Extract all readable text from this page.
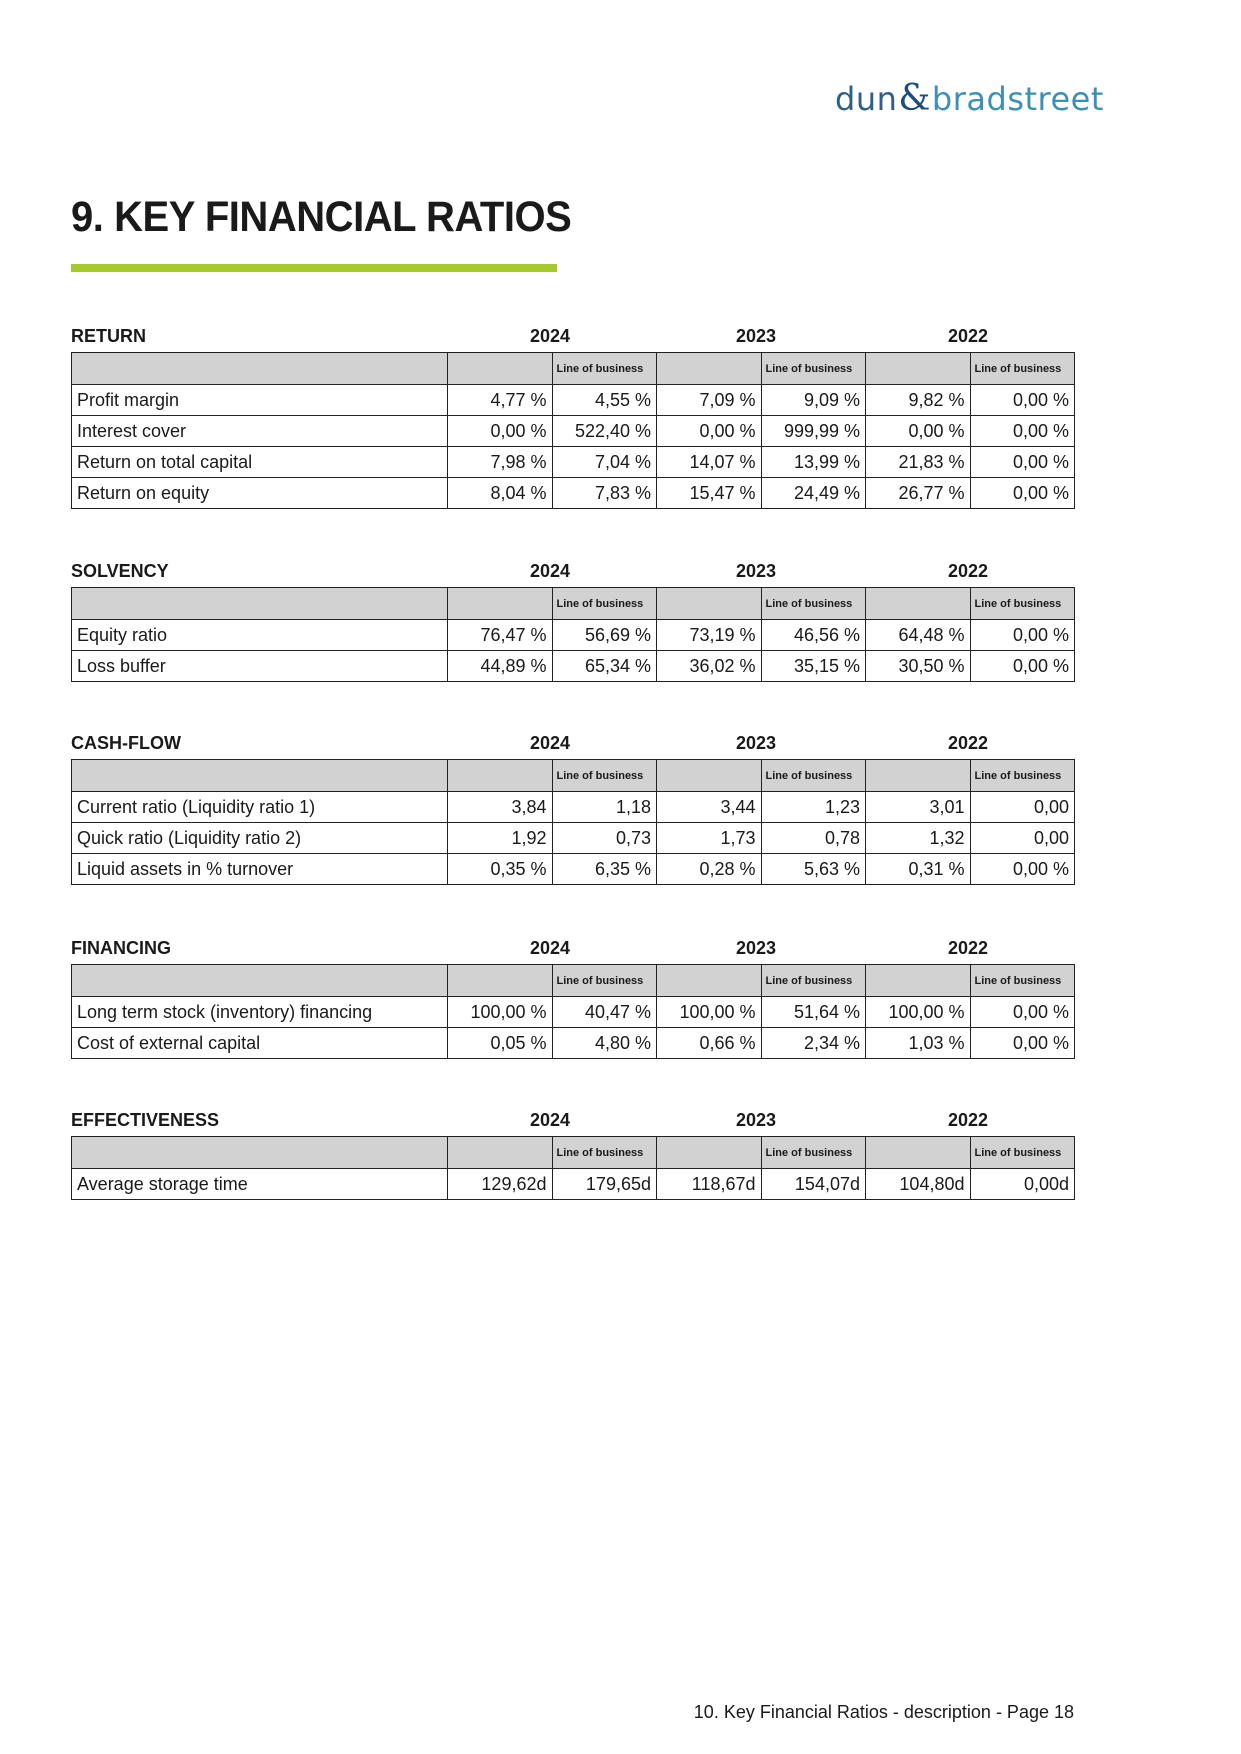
dun&bradstreet
9. KEY FINANCIAL RATIOS
RETURN	2024	2023	2022
		Line of business		Line of business		Line of business
Profit margin	4,77 %	4,55 %	7,09 %	9,09 %	9,82 %	0,00 %
Interest cover	0,00 %	522,40 %	0,00 %	999,99 %	0,00 %	0,00 %
Return on total capital	7,98 %	7,04 %	14,07 %	13,99 %	21,83 %	0,00 %
Return on equity	8,04 %	7,83 %	15,47 %	24,49 %	26,77 %	0,00 %
SOLVENCY	2024	2023	2022
		Line of business		Line of business		Line of business
Equity ratio	76,47 %	56,69 %	73,19 %	46,56 %	64,48 %	0,00 %
Loss buffer	44,89 %	65,34 %	36,02 %	35,15 %	30,50 %	0,00 %
CASH-FLOW	2024	2023	2022
		Line of business		Line of business		Line of business
Current ratio (Liquidity ratio 1)	3,84	1,18	3,44	1,23	3,01	0,00
Quick ratio (Liquidity ratio 2)	1,92	0,73	1,73	0,78	1,32	0,00
Liquid assets in % turnover	0,35 %	6,35 %	0,28 %	5,63 %	0,31 %	0,00 %
FINANCING	2024	2023	2022
		Line of business		Line of business		Line of business
Long term stock (inventory) financing	100,00 %	40,47 %	100,00 %	51,64 %	100,00 %	0,00 %
Cost of external capital	0,05 %	4,80 %	0,66 %	2,34 %	1,03 %	0,00 %
EFFECTIVENESS	2024	2023	2022
		Line of business		Line of business		Line of business
Average storage time	129,62d	179,65d	118,67d	154,07d	104,80d	0,00d
10. Key Financial Ratios - description - Page 18
